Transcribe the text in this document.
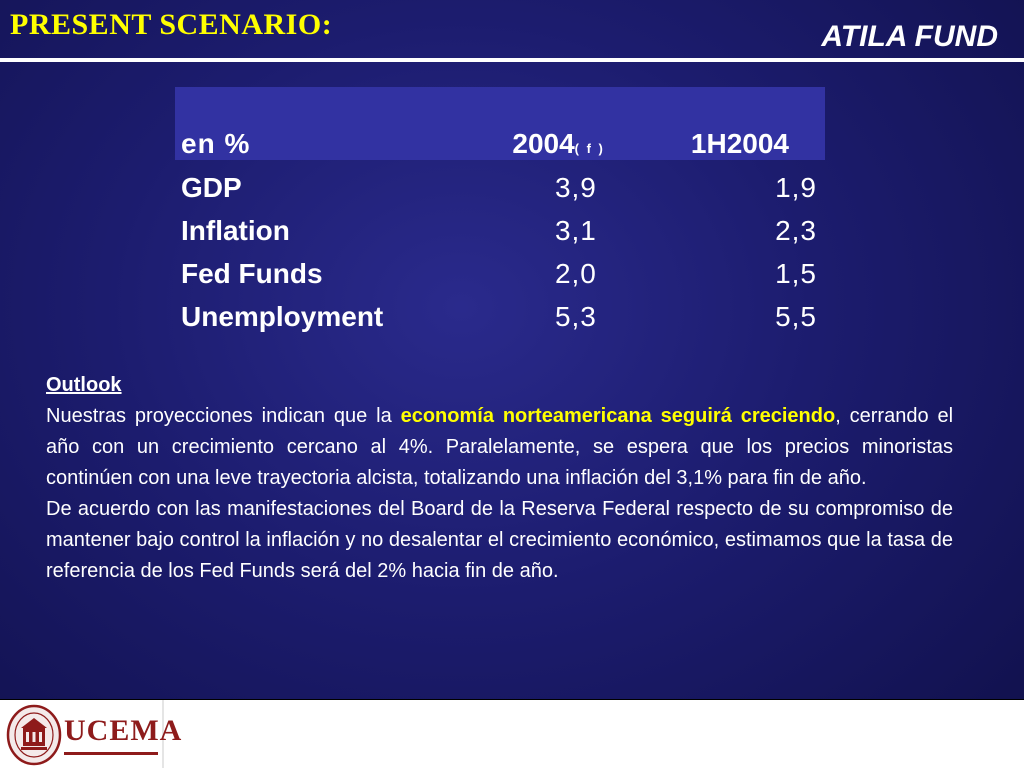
PRESENT SCENARIO:	ATILA FUND
en %	2004( f )	1H2004
GDP	3,9	1,9
Inflation	3,1	2,3
Fed Funds	2,0	1,5
Unemployment	5,3	5,5
Outlook

Nuestras proyecciones indican que la economía norteamericana seguirá creciendo, cerrando el año con un crecimiento cercano al 4%. Paralelamente, se espera que los precios minoristas continúen con una leve trayectoria alcista, totalizando una inflación del 3,1% para fin de año.

De acuerdo con las manifestaciones del Board de la Reserva Federal respecto de su compromiso de mantener bajo control la inflación y no desalentar el crecimiento económico, estimamos que la tasa de referencia de los Fed Funds será del 2% hacia fin de año.

UCEMA
